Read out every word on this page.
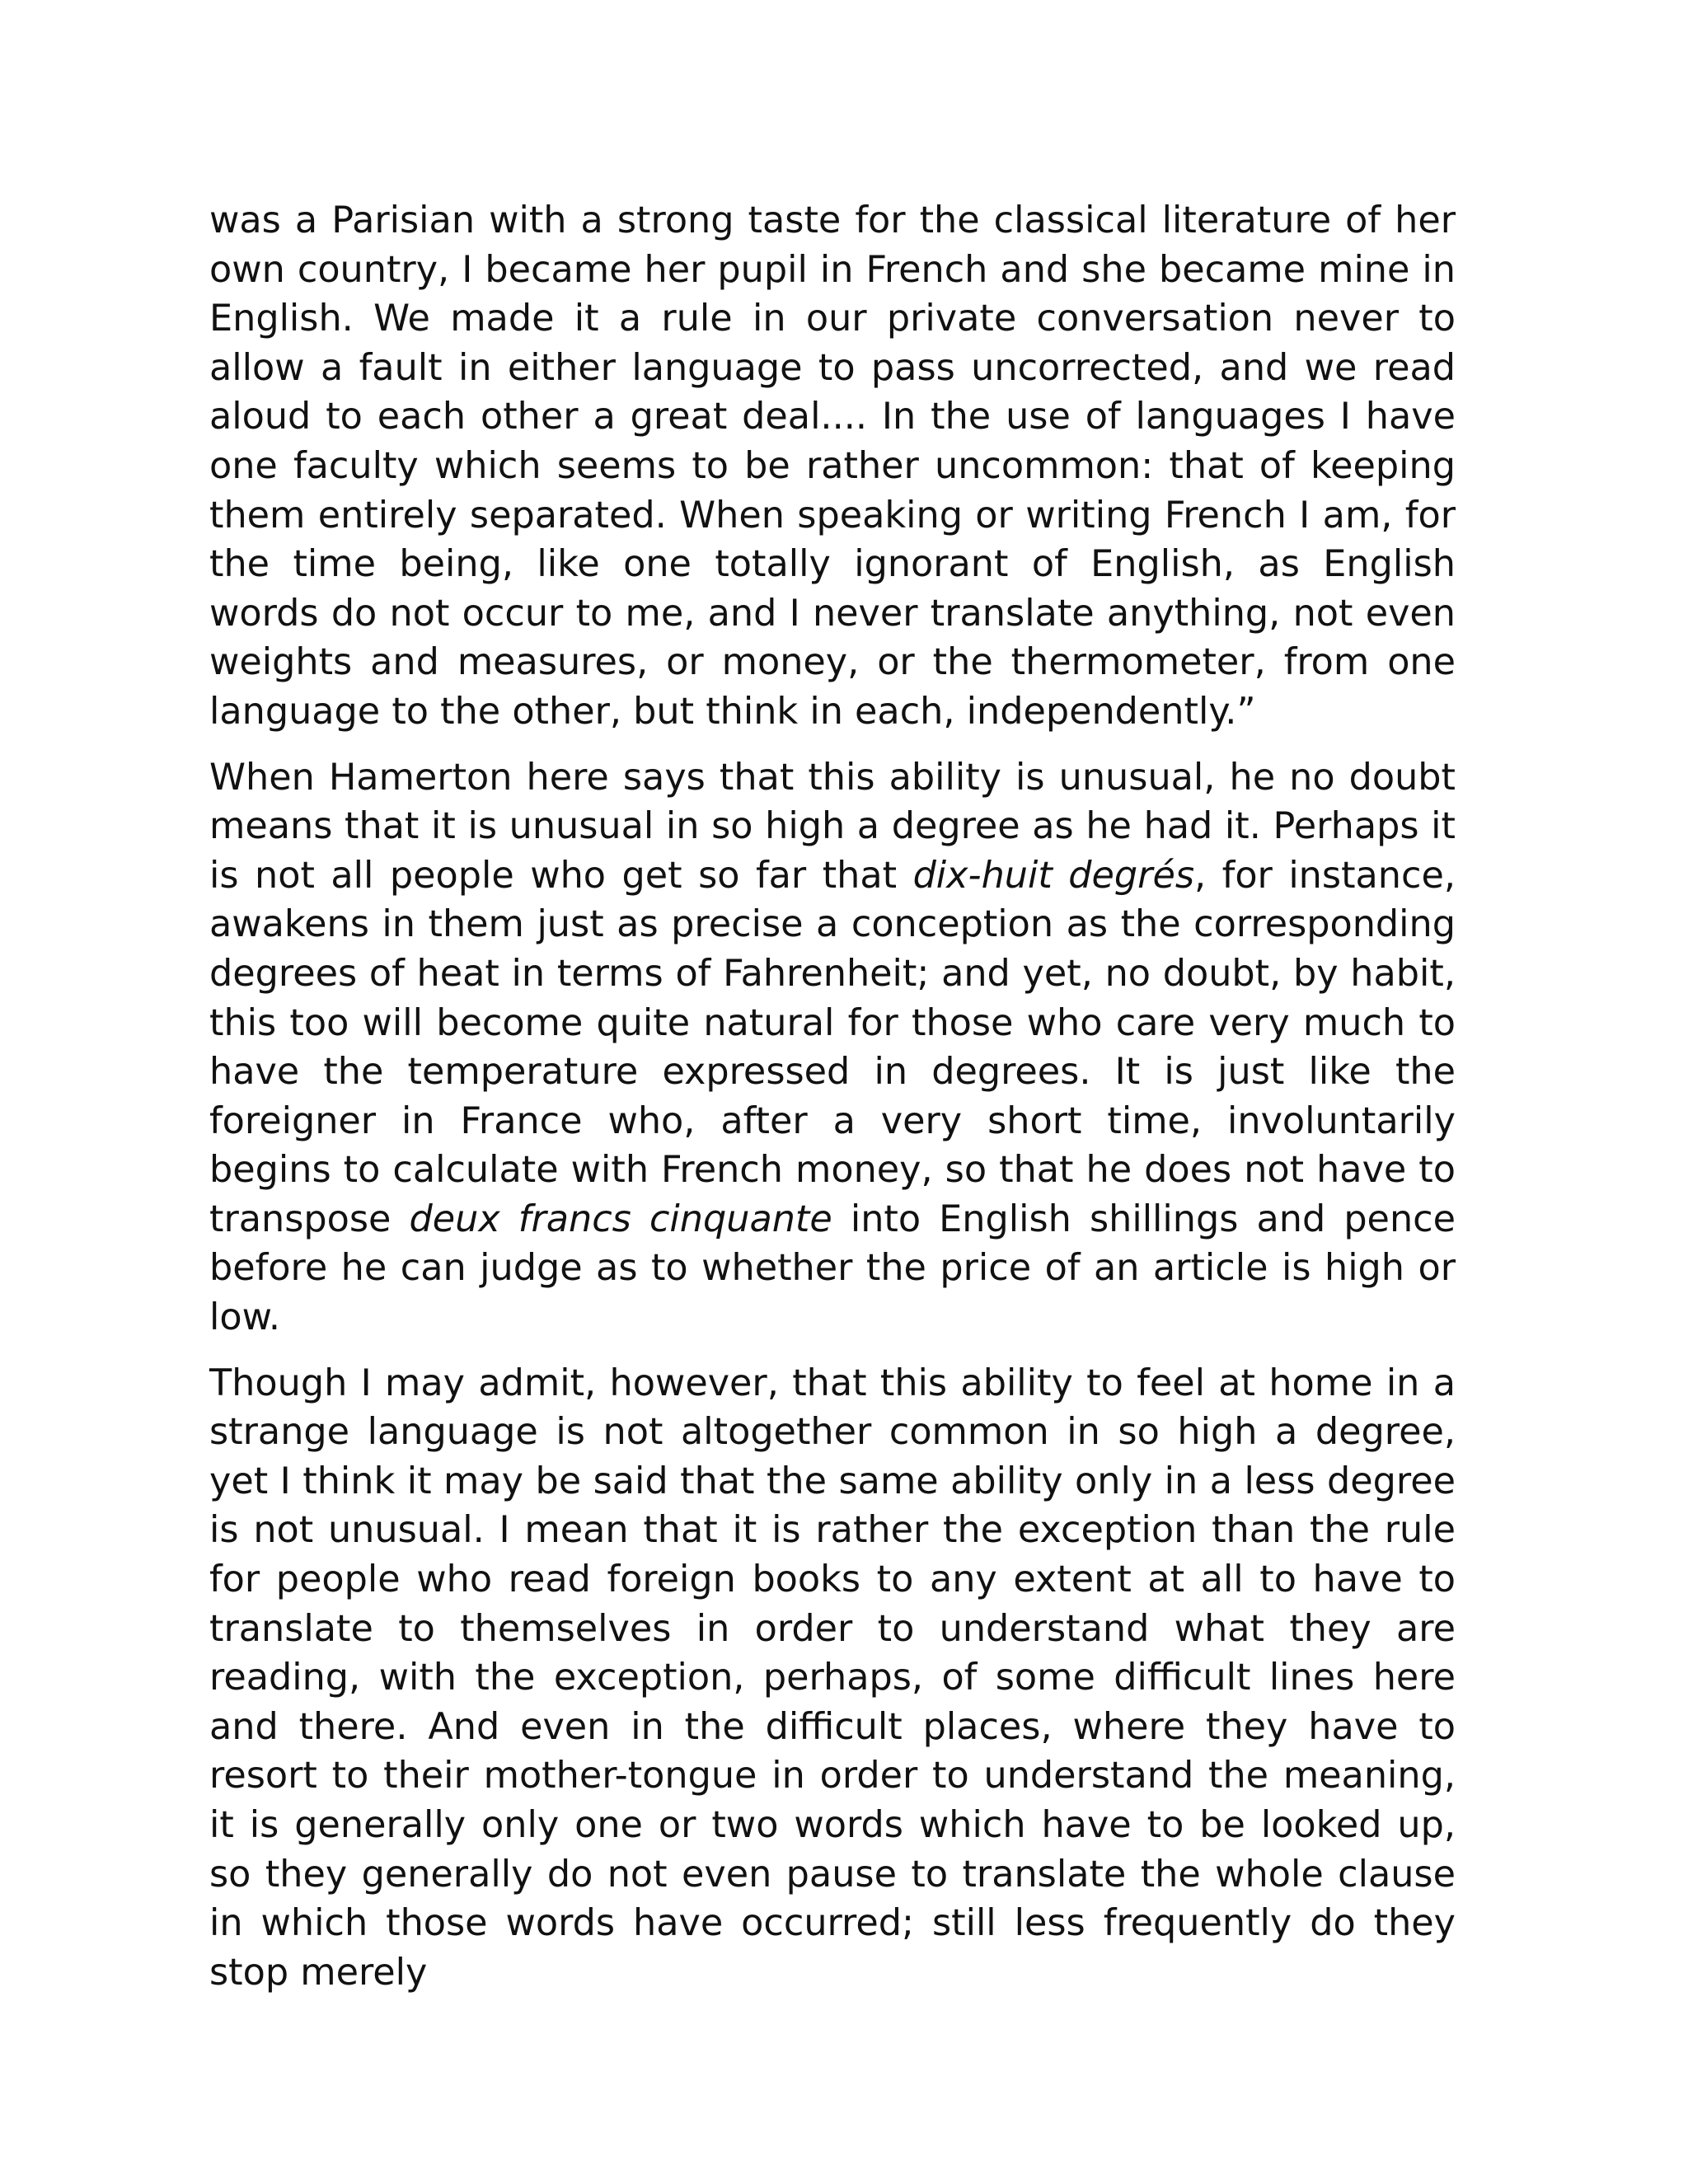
was a Parisian with a strong taste for the classical literature of her own country, I became her pupil in French and she became mine in English. We made it a rule in our private conversation never to allow a fault in either language to pass uncorrected, and we read aloud to each other a great deal.... In the use of languages I have one faculty which seems to be rather uncommon: that of keeping them entirely separated. When speaking or writing French I am, for the time being, like one totally ignorant of English, as English words do not occur to me, and I never translate anything, not even weights and measures, or money, or the thermometer, from one language to the other, but think in each, independently.”

When Hamerton here says that this ability is unusual, he no doubt means that it is unusual in so high a degree as he had it. Perhaps it is not all people who get so far that dix-huit degrés, for instance, awakens in them just as precise a conception as the corresponding degrees of heat in terms of Fahrenheit; and yet, no doubt, by habit, this too will become quite natural for those who care very much to have the temperature expressed in degrees. It is just like the foreigner in France who, after a very short time, involuntarily begins to calculate with French money, so that he does not have to transpose deux francs cinquante into English shillings and pence before he can judge as to whether the price of an article is high or low.

Though I may admit, however, that this ability to feel at home in a strange language is not altogether common in so high a degree, yet I think it may be said that the same ability only in a less degree is not unusual. I mean that it is rather the exception than the rule for people who read foreign books to any extent at all to have to translate to themselves in order to understand what they are reading, with the exception, perhaps, of some difficult lines here and there. And even in the difficult places, where they have to resort to their mother-tongue in order to understand the meaning, it is generally only one or two words which have to be looked up, so they generally do not even pause to translate the whole clause in which those words have occurred; still less frequently do they stop merely
